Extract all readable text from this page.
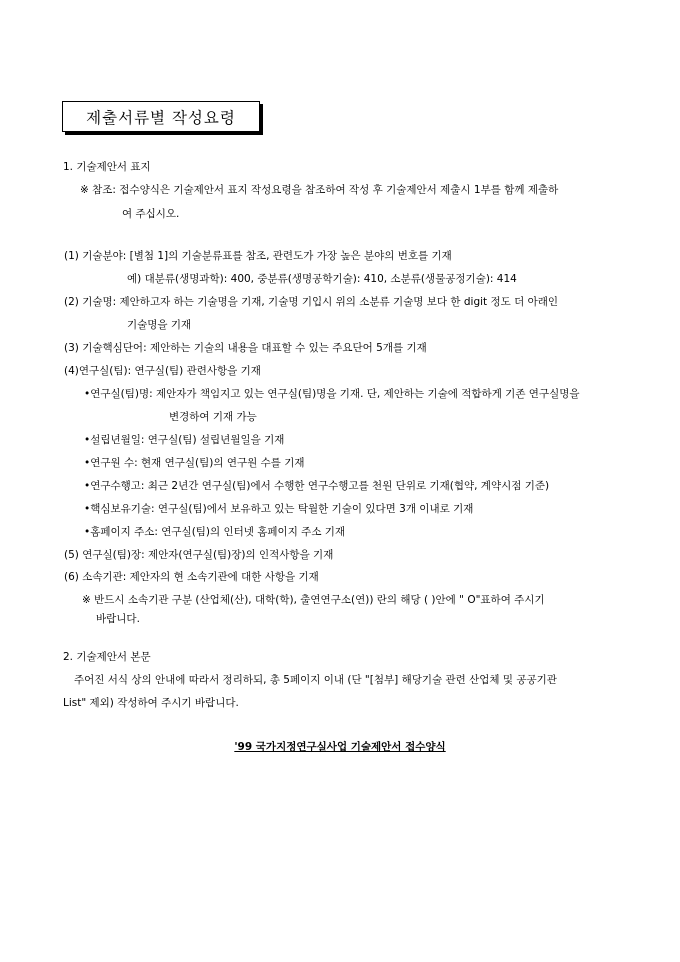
제출서류별 작성요령
1. 기술제안서 표지
※ 참조: 접수양식은 기술제안서 표지 작성요령을 참조하여 작성 후 기술제안서 제출시 1부를 함께 제출하
여 주십시오.
(1) 기술분야: [별첨 1]의 기술분류표를 참조, 관련도가 가장 높은 분야의 번호를 기재
예) 대분류(생명과학): 400, 중분류(생명공학기술): 410, 소분류(생물공정기술): 414
(2) 기술명: 제안하고자 하는 기술명을 기재, 기술명 기입시 위의 소분류 기술명 보다 한 digit 정도 더 아래인
기술명을 기재
(3) 기술핵심단어: 제안하는 기술의 내용을 대표할 수 있는 주요단어 5개를 기재
(4)연구실(팀): 연구실(팀) 관련사항을 기재
•연구실(팀)명: 제안자가 책임지고 있는 연구실(팀)명을 기재. 단, 제안하는 기술에 적합하게 기존 연구실명을
변경하여 기재 가능
•설립년월일: 연구실(팀) 설립년월일을 기재
•연구원 수: 현재 연구실(팀)의 연구원 수를 기재
•연구수행고: 최근 2년간 연구실(팀)에서 수행한 연구수행고를 천원 단위로 기재(협약, 계약시점 기준)
•핵심보유기술: 연구실(팀)에서 보유하고 있는 탁월한 기술이 있다면 3개 이내로 기재
•홈페이지 주소: 연구실(팀)의 인터넷 홈페이지 주소 기재
(5) 연구실(팀)장: 제안자(연구실(팀)장)의 인적사항을 기재
(6) 소속기관: 제안자의 현 소속기관에 대한 사항을 기재
※ 반드시 소속기관 구분 (산업체(산), 대학(학), 출연연구소(연)) 란의 해당 ( )안에 " O"표하여 주시기
바랍니다.
2. 기술제안서 본문
주어진 서식 상의 안내에 따라서 정리하되, 총 5페이지 이내 (단 "[첨부] 해당기술 관련 산업체 및 공공기관
List" 제외) 작성하여 주시기 바랍니다.
'99 국가지정연구실사업 기술제안서 접수양식
